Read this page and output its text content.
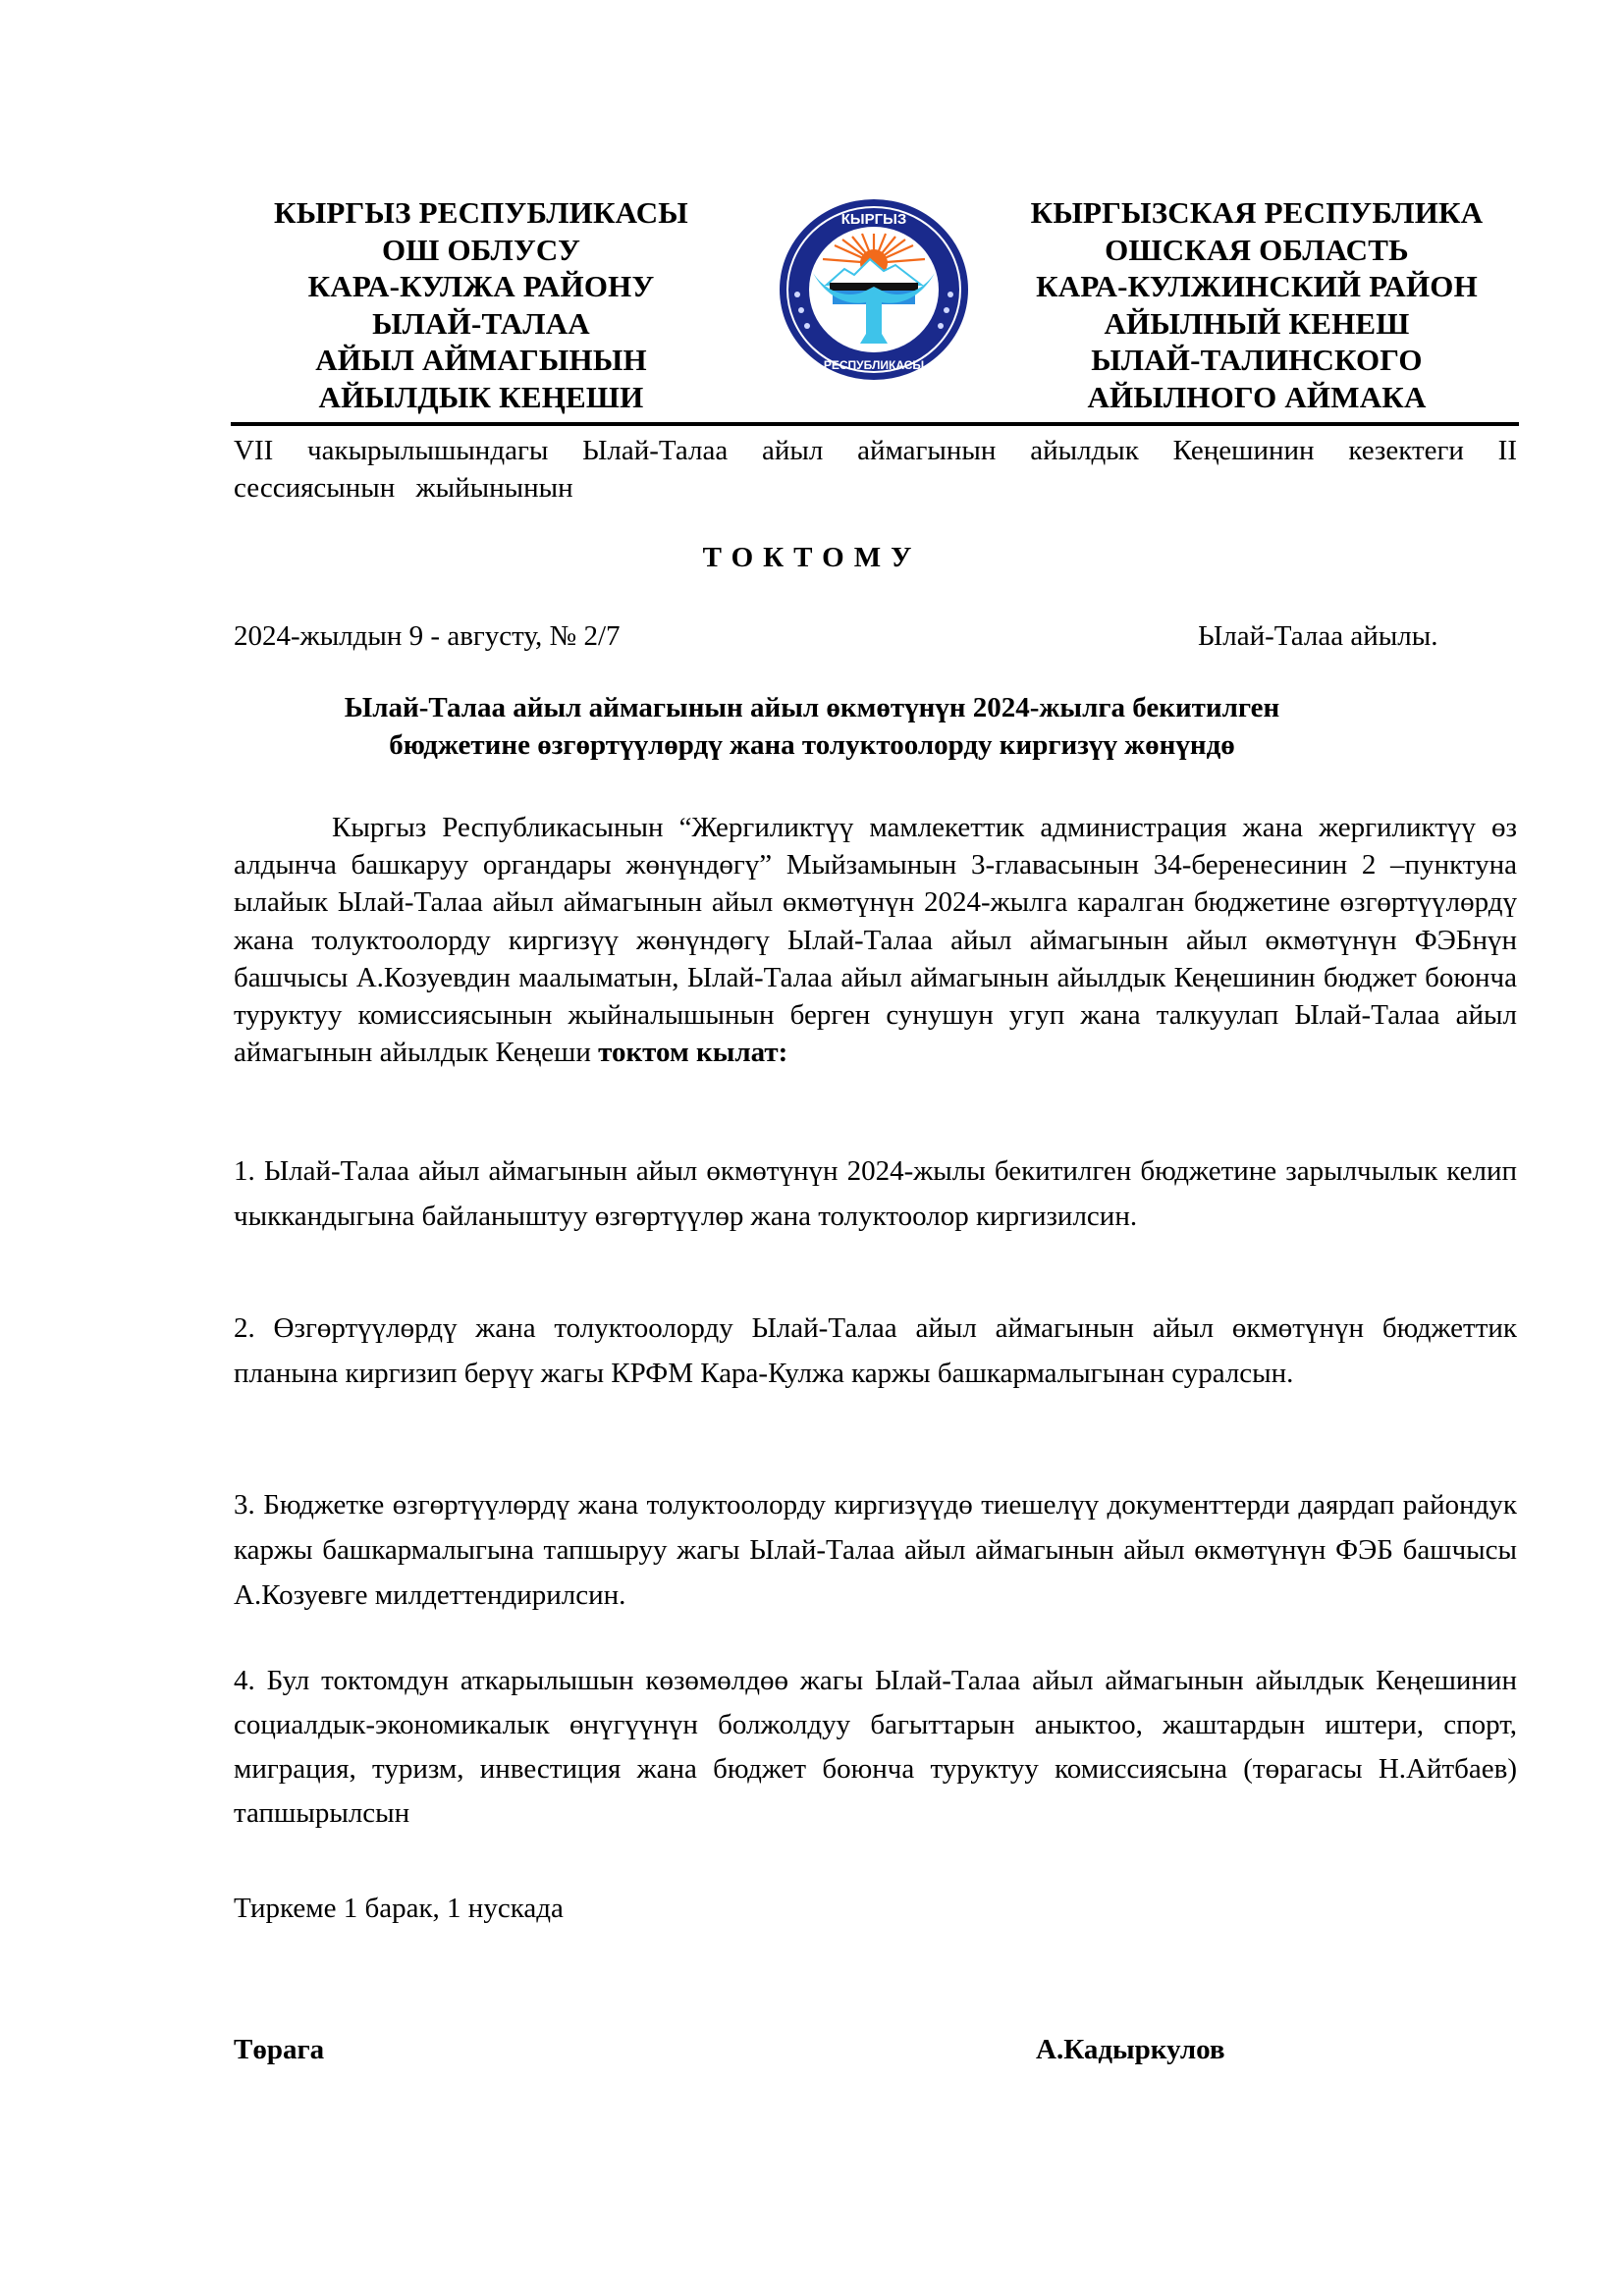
КЫРГЫЗ РЕСПУБЛИКАСЫ
ОШ ОБЛУСУ
КАРА-КУЛЖА РАЙОНУ
ЫЛАЙ-ТАЛАА
АЙЫЛ АЙМАГЫНЫН
АЙЫЛДЫК КЕҢЕШИ
КЫРГЫЗ
РЕСПУБЛИКАСЫ
КЫРГЫЗСКАЯ РЕСПУБЛИКА
ОШСКАЯ ОБЛАСТЬ
КАРА-КУЛЖИНСКИЙ РАЙОН
АЙЫЛНЫЙ КЕНЕШ
ЫЛАЙ-ТАЛИНСКОГО
АЙЫЛНОГО АЙМАКА
VII чакырылышындагы Ылай-Талаа айыл аймагынын айылдык Кеңешинин кезектеги II сессиясынын жыйынынын
ТОКТОМУ
2024-жылдын 9 - августу, № 2/7	Ылай-Талаа айылы.
Ылай-Талаа айыл аймагынын айыл өкмөтүнүн 2024-жылга бекитилген
бюджетине өзгөртүүлөрдү жана толуктоолорду киргизүү жөнүндө
Кыргыз Республикасынын “Жергиликтүү мамлекеттик администрация жана жергиликтүү өз алдынча башкаруу органдары жөнүндөгү” Мыйзамынын 3-главасынын 34-беренесинин 2 –пунктуна ылайык Ылай-Талаа айыл аймагынын айыл өкмөтүнүн 2024-жылга каралган бюджетине өзгөртүүлөрдү жана толуктоолорду киргизүү жөнүндөгү Ылай-Талаа айыл аймагынын айыл өкмөтүнүн ФЭБнүн башчысы А.Козуевдин маалыматын, Ылай-Талаа айыл аймагынын айылдык Кеңешинин бюджет боюнча туруктуу комиссиясынын жыйналышынын берген сунушун угуп жана талкуулап Ылай-Талаа айыл аймагынын айылдык Кеңеши токтом кылат:
1. Ылай-Талаа айыл аймагынын айыл өкмөтүнүн 2024-жылы бекитилген бюджетине зарылчылык келип чыккандыгына байланыштуу өзгөртүүлөр жана толуктоолор киргизилсин.
2. Өзгөртүүлөрдү жана толуктоолорду Ылай-Талаа айыл аймагынын айыл өкмөтүнүн бюджеттик планына киргизип берүү жагы КРФМ Кара-Кулжа каржы башкармалыгынан суралсын.
3. Бюджетке өзгөртүүлөрдү жана толуктоолорду киргизүүдө тиешелүү документтерди даярдап райондук каржы башкармалыгына тапшыруу жагы Ылай-Талаа айыл аймагынын айыл өкмөтүнүн ФЭБ башчысы А.Козуевге милдеттендирилсин.
4. Бул токтомдун аткарылышын көзөмөлдөө жагы Ылай-Талаа айыл аймагынын айылдык Кеңешинин социалдык-экономикалык өнүгүүнүн болжолдуу багыттарын аныктоо, жаштардын иштери, спорт, миграция, туризм, инвестиция жана бюджет боюнча туруктуу комиссиясына (төрагасы Н.Айтбаев) тапшырылсын
Тиркеме 1 барак, 1 нускада
Төрага	А.Кадыркулов
